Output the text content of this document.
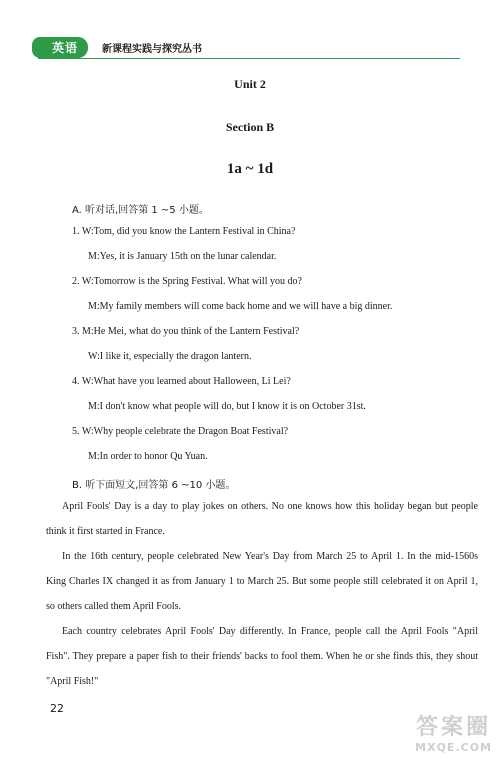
英语	新课程实践与探究丛书
Unit 2
Section B
1a ~ 1d
A. 听对话,回答第 1 ~5 小题。
1. W:Tom, did you know the Lantern Festival in China?
M:Yes, it is January 15th on the lunar calendar.
2. W:Tomorrow is the Spring Festival. What will you do?
M:My family members will come back home and we will have a big dinner.
3. M:He Mei, what do you think of the Lantern Festival?
W:I like it, especially the dragon lantern.
4. W:What have you learned about Halloween, Li Lei?
M:I don't know what people will do, but I know it is on October 31st.
5. W:Why people celebrate the Dragon Boat Festival?
M:In order to honor Qu Yuan.
B. 听下面短文,回答第 6 ~10 小题。

April Fools' Day is a day to play jokes on others. No one knows how this holiday began but people think it first started in France.

In the 16th century, people celebrated New Year's Day from March 25 to April 1. In the mid-1560s King Charles IX changed it as from January 1 to March 25. But some people still celebrated it on April 1, so others called them April Fools.

Each country celebrates April Fools' Day differently. In France, people call the April Fools "April Fish". They prepare a paper fish to their friends' backs to fool them. When he or she finds this, they shout "April Fish!"

22
答案圈
MXQE.COM
